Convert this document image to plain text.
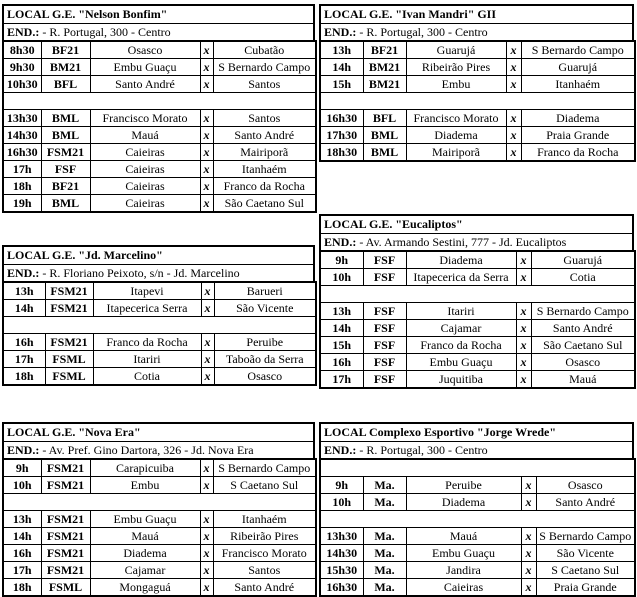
LOCAL G.E. "Nelson Bonfim"
END.: - R. Portugal, 300 - Centro
8h30	BF21	Osasco	x	Cubatão
9h30	BM21	Embu Guaçu	x	S Bernardo Campo
10h30	BFL	Santo André	x	Santos

13h30	BML	Francisco Morato	x	Santos
14h30	BML	Mauá	x	Santo André
16h30	FSM21	Caieiras	x	Mairiporã
17h	FSF	Caieiras	x	Itanhaém
18h	BF21	Caieiras	x	Franco da Rocha
19h	BML	Caieiras	x	São Caetano Sul
LOCAL G.E. "Ivan Mandri" GII
END.: - R. Portugal, 300 - Centro
13h	BF21	Guarujá	x	S Bernardo Campo
14h	BM21	Ribeirão Pires	x	Guarujá
15h	BM21	Embu	x	Itanhaém

16h30	BFL	Francisco Morato	x	Diadema
17h30	BML	Diadema	x	Praia Grande
18h30	BML	Mairiporã	x	Franco da Rocha
LOCAL G.E. "Jd. Marcelino"
END.: - R. Floriano Peixoto, s/n - Jd. Marcelino
13h	FSM21	Itapevi	x	Barueri
14h	FSM21	Itapecerica Serra	x	São Vicente

16h	FSM21	Franco da Rocha	x	Peruibe
17h	FSML	Itariri	x	Taboão da Serra
18h	FSML	Cotia	x	Osasco
LOCAL G.E. "Eucaliptos"
END.: - Av. Armando Sestini, 777 - Jd. Eucaliptos
9h	FSF	Diadema	x	Guarujá
10h	FSF	Itapecerica da Serra	x	Cotia

13h	FSF	Itariri	x	S Bernardo Campo
14h	FSF	Cajamar	x	Santo André
15h	FSF	Franco da Rocha	x	São Caetano Sul
16h	FSF	Embu Guaçu	x	Osasco
17h	FSF	Juquitiba	x	Mauá
LOCAL G.E. "Nova Era"
END.: - Av. Pref. Gino Dartora, 326 - Jd. Nova Era
9h	FSM21	Carapicuiba	x	S Bernardo Campo
10h	FSM21	Embu	x	S Caetano Sul

13h	FSM21	Embu Guaçu	x	Itanhaém
14h	FSM21	Mauá	x	Ribeirão Pires
16h	FSM21	Diadema	x	Francisco Morato
17h	FSM21	Cajamar	x	Santos
18h	FSML	Mongaguá	x	Santo André
LOCAL Complexo Esportivo "Jorge Wrede"
END.: - R. Portugal, 300 - Centro

9h	Ma.	Peruibe	x	Osasco
10h	Ma.	Diadema	x	Santo André

13h30	Ma.	Mauá	x	S Bernardo Campo
14h30	Ma.	Embu Guaçu	x	São Vicente
15h30	Ma.	Jandira	x	S Caetano Sul
16h30	Ma.	Caieiras	x	Praia Grande
